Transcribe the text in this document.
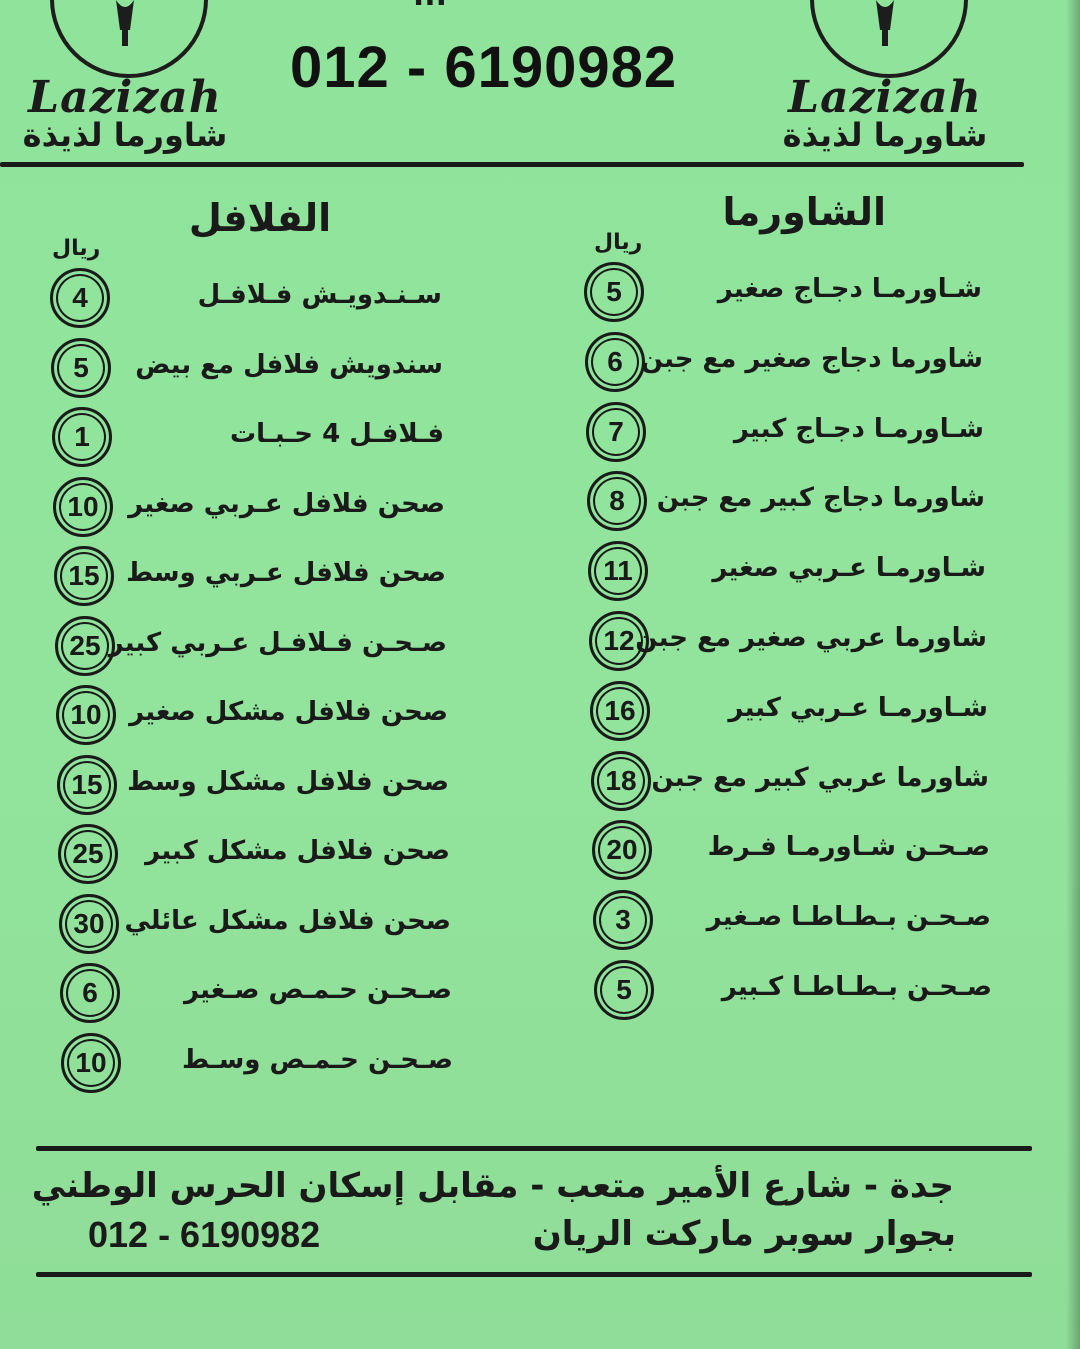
Lazizah
شاورما لذيذة
012 - 6190982	Lazizah
شاورما لذيذة
الفلافل
ريال
4	سـنـدويـش فـلافـل
5	سندويش فلافل مع بيض
1	فـلافـل 4 حـبـات
10	صحن فلافل عـربي صغير
15	صحن فلافل عـربي وسط
25 صـحـن فـلافـل عـربي كبير
10	صحن فلافل مشكل صغير
15 صحن فلافل مشكل وسط
25	صحن فلافل مشكل كبير
30 صحن فلافل مشكل عائلي
6	صـحـن حـمـص صـغير
10	صـحـن حـمـص وسـط
الشاورما
ريال
5	شـاورمـا دجـاج صغير
6 شاورما دجاج صغير مع جبن
7	شـاورمـا دجـاج كبير
8	شاورما دجاج كبير مع جبن
11	شـاورمـا عـربي صغير
12 شاورما عربي صغير مع جبن
16	شـاورمـا عـربي كبير
18 شاورما عربي كبير مع جبن
20	صـحـن شـاورمـا فـرط
3	صـحـن بـطـاطـا صـغير
5	صـحـن بـطـاطـا كـبير
جدة - شارع الأمير متعب - مقابل إسكان الحرس الوطني
بجوار سوبر ماركت الريان
012 - 6190982
